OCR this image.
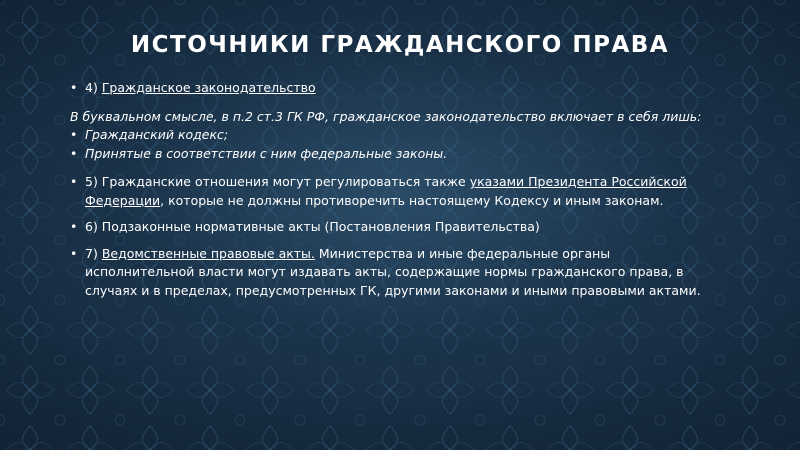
ИСТОЧНИКИ ГРАЖДАНСКОГО ПРАВА

• 4) Гражданское законодательство

В буквальном смысле, в п.2 ст.3 ГК РФ, гражданское законодательство включает в себя лишь:

• Гражданский кодекс;

• Принятые в соответствии с ним федеральные законы.

• 5) Гражданские отношения могут регулироваться также указами Президента Российской Федерации, которые не должны противоречить настоящему Кодексу и иным законам.

• 6) Подзаконные нормативные акты (Постановления Правительства)

• 7) Ведомственные правовые акты. Министерства и иные федеральные органы исполнительной власти могут издавать акты, содержащие нормы гражданского права, в случаях и в пределах, предусмотренных ГК, другими законами и иными правовыми актами.
